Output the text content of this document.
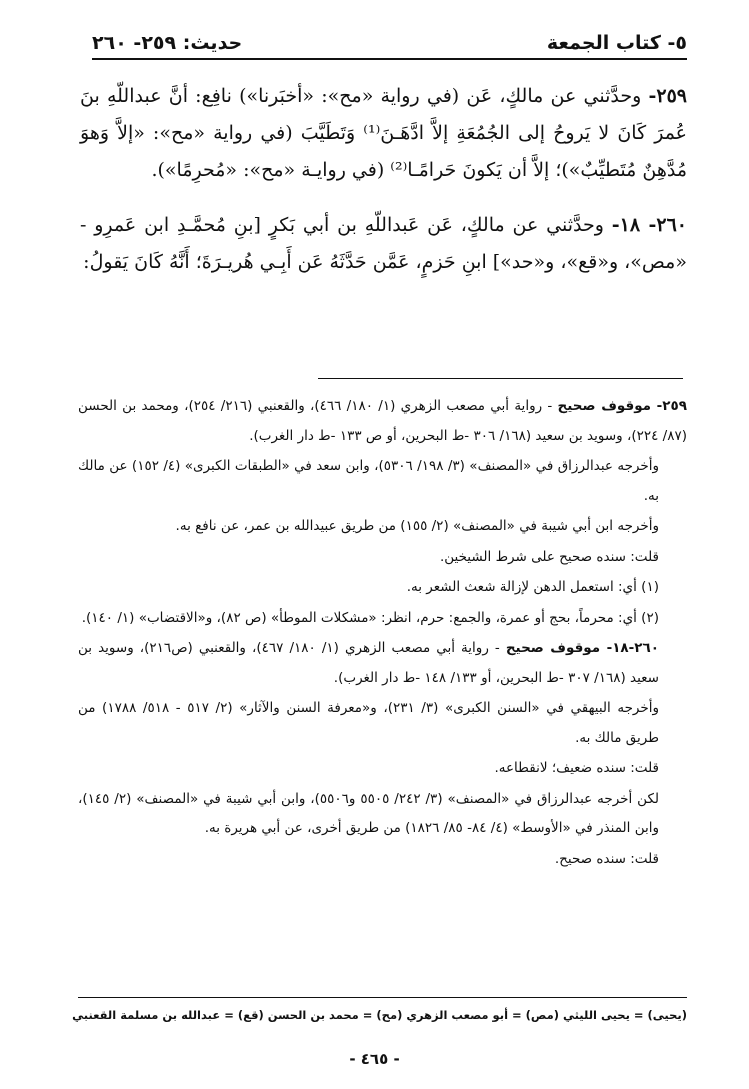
٥- كتاب الجمعة
حديث: ٢٥٩- ٢٦٠

٢٥٩- وحدَّثني عن مالكٍ، عَن (في رواية «مح»: «أخبَرنا») نافِع: أنَّ عبداللّهِ بنَ عُمرَ كَانَ لا يَروحُ إلى الجُمُعَةِ إلاَّ ادَّهَـنَ⁽¹⁾ وَتَطَيَّبَ (في رواية «مح»: «إلاَّ وَهوَ مُدَّهِنٌ مُتَطيِّبٌ»)؛ إلاَّ أن يَكونَ حَرامًـا⁽²⁾ (في روايـة «مح»: «مُحرِمًا»).

٢٦٠- ١٨- وحدَّثني عن مالكٍ، عَن عَبداللّهِ بن أبي بَكرٍ [بنِ مُحمَّـدِ ابن عَمرِو - «مص»، و«قع»، و«حد»] ابنِ حَزمٍ، عَمَّن حَدَّثَهُ عَن أَبِـي هُريـرَةَ؛ أَنَّهُ كَانَ يَقولُ:

٢٥٩- موقوف صحيح - رواية أبي مصعب الزهري (١/ ١٨٠/ ٤٦٦)، والقعنبي (٢١٦/ ٢٥٤)، ومحمد بن الحسن (٨٧/ ٢٢٤)، وسويد بن سعيد (١٦٨/ ٣٠٦ -ط البحرين، أو ص ١٣٣ -ط دار الغرب).

وأخرجه عبدالرزاق في «المصنف» (٣/ ١٩٨/ ٥٣٠٦)، وابن سعد في «الطبقات الكبرى» (٤/ ١٥٢) عن مالك به.

وأخرجه ابن أبي شيبة في «المصنف» (٢/ ١٥٥) من طريق عبيدالله بن عمر، عن نافع به.

قلت: سنده صحيح على شرط الشيخين.

(١) أي: استعمل الدهن لإزالة شعث الشعر به.

(٢) أي: محرماً، بحج أو عمرة، والجمع: حرم، انظر: «مشكلات الموطأ» (ص ٨٢)، و«الاقتضاب» (١/ ١٤٠).

٢٦٠-١٨- موقوف صحيح - رواية أبي مصعب الزهري (١/ ١٨٠/ ٤٦٧)، والقعنبي (ص٢١٦)، وسويد بن سعيد (١٦٨/ ٣٠٧ -ط البحرين، أو ١٣٣/ ١٤٨ -ط دار الغرب).

وأخرجه البيهقي في «السنن الكبرى» (٣/ ٢٣١)، و«معرفة السنن والآثار» (٢/ ٥١٧ - ٥١٨/ ١٧٨٨) من طريق مالك به.

قلت: سنده ضعيف؛ لانقطاعه.

لكن أخرجه عبدالرزاق في «المصنف» (٣/ ٢٤٢/ ٥٥٠٥ و٥٥٠٦)، وابن أبي شيبة في «المصنف» (٢/ ١٤٥)، وابن المنذر في «الأوسط» (٤/ ٨٤- ٨٥/ ١٨٢٦) من طريق أخرى، عن أبي هريرة به.

قلت: سنده صحيح.

(يحيى) = يحيى الليثي (مص) = أبو مصعب الزهري (مح) = محمد بن الحسن (قع) = عبدالله بن مسلمة القعنبي
- ٤٦٥ -
